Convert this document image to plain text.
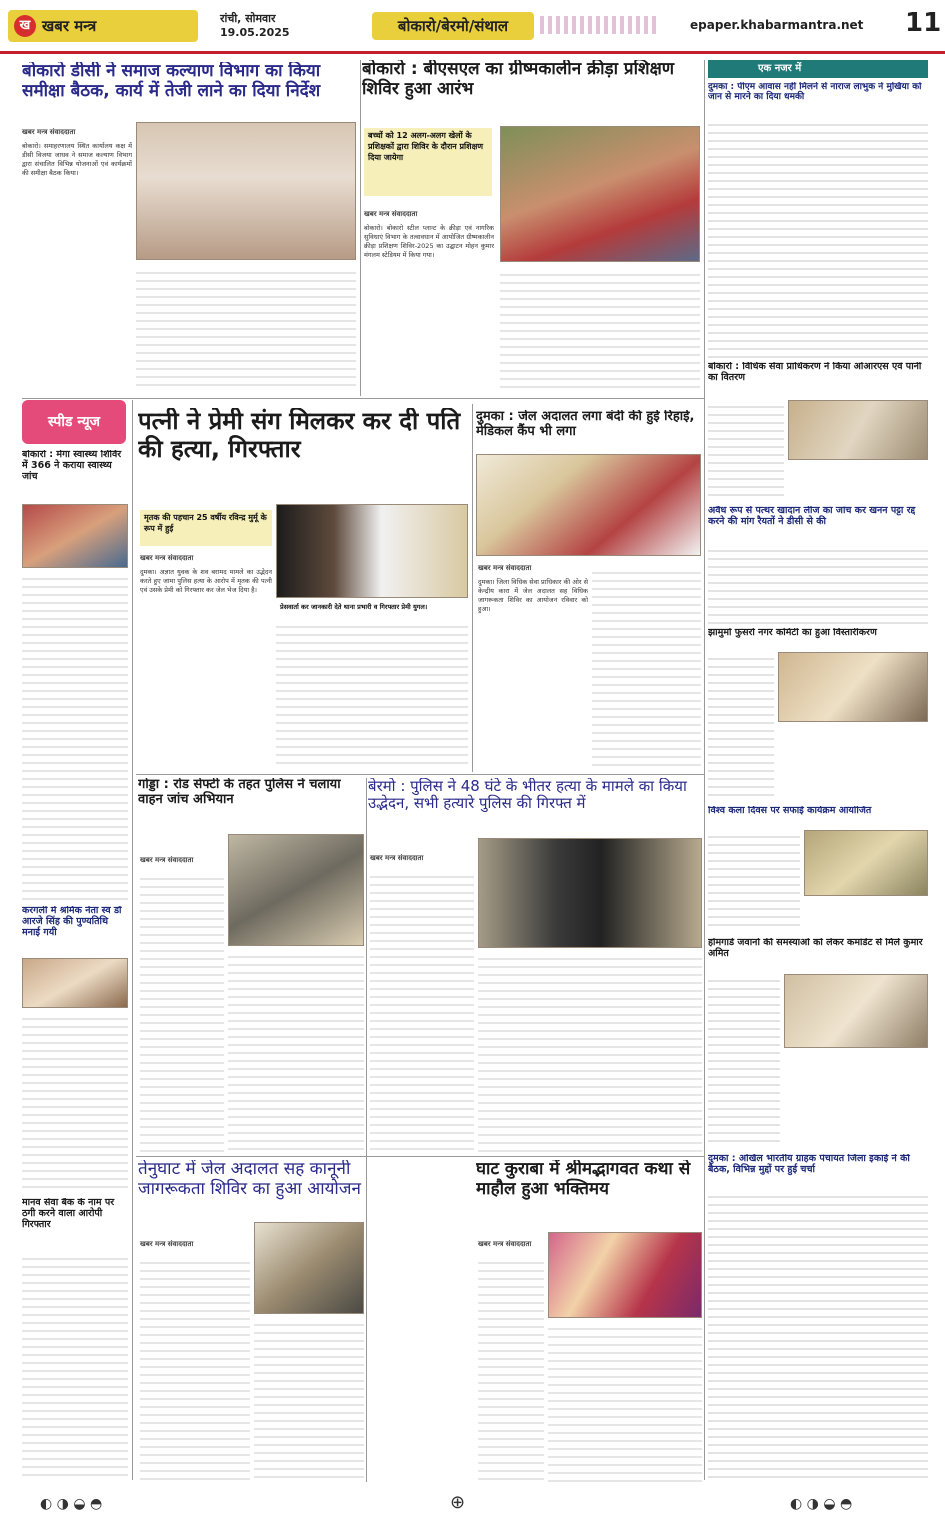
ख खबर मन्त्र	रांची, सोमवार
19.05.2025	बोकारो/बेरमो/संथाल	epaper.khabarmantra.net 11
बोकारो डीसी ने समाज कल्याण विभाग का किया समीक्षा बैठक, कार्य में तेजी लाने का दिया निर्देश
खबर मन्त्र संवाददाता
बोकारो। समाहरणालय स्थित कार्यालय कक्ष में डीसी विजया जाधव ने समाज कल्याण विभाग द्वारा संचालित विभिन्न योजनाओं एवं कार्यक्रमों की समीक्षा बैठक किया।
बोकारो : बीएसएल का ग्रीष्मकालीन क्रीड़ा प्रशिक्षण शिविर हुआ आरंभ
बच्चों को 12 अलग-अलग खेलों के प्रशिक्षकों द्वारा शिविर के दौरान प्रशिक्षण दिया जायेगा
खबर मन्त्र संवाददाता
बोकारो। बोकारो स्टील प्लान्ट के क्रीड़ा एवं नागरिक सुविधाएं विभाग के तत्वावधान में आयोजित ग्रीष्मकालीन क्रीड़ा प्रशिक्षण शिविर-2025 का उद्घाटन मोहन कुमार मंगलम स्टेडियम में किया गया।
एक नजर में
दुमका : पीएम आवास नहीं मिलने से नाराज लाभुक ने मुखिया को जान से मारने का दिया धमकी
बोकारो : विधिक सेवा प्राधिकरण ने किया ओआरएस एवं पानी का वितरण
अवैध रूप से पत्थर खादान लीज का जांच कर खनन पट्टा रद्द करने की मांग रैयतों ने डीसी से की
झामुमो फुसरो नगर कमिटी का हुआ विस्तारीकरण
विश्व कला दिवस पर सफाई कार्यक्रम आयोजित
होमगार्ड जवानों की समस्याओं को लेकर कमांडेंट से मिले कुमार अमित
दुमका : अखिल भारतीय ग्राहक पंचायत जिला इकाई ने की बैठक, विभिन्न मुद्दों पर हुई चर्चा
स्पीड न्यूज
बोकारो : मेगा स्वास्थ्य शिविर में 366 ने कराया स्वास्थ्य जांच
करगली में श्रमिक नेता स्व डॉ आरजे सिंह की पुण्यतिथि मनाई गयी
मानव सेवा बैंक के नाम पर ठगी करने वाला आरोपी गिरफ्तार
पत्नी ने प्रेमी संग मिलकर कर दी पति की हत्या, गिरफ्तार
मृतक की पहचान 25 वर्षीय रविन्द्र मुर्मू के रूप में हुई
प्रेसवार्ता कर जानकारी देते थाना प्रभारी व गिरफ्तार प्रेमी युगल।
खबर मन्त्र संवाददाता
दुमका। अज्ञात युवक के शव बरामद मामले का उद्भेदन करते हुए जामा पुलिस हत्या के आरोप में मृतक की पत्नी एवं उसके प्रेमी को गिरफ्तार कर जेल भेज दिया है।
दुमका : जेल अदालत लगा बंदी की हुई रिहाई, मेडिकल कैंप भी लगा
खबर मन्त्र संवाददाता
दुमका। जिला विधिक सेवा प्राधिकार की ओर से केन्द्रीय कारा में जेल अदालत सह विधिक जागरूकता शिविर का आयोजन रविवार को हुआ।
गोड्डा : रोड सेफ्टी के तहत पुलिस ने चलाया वाहन जांच अभियान
खबर मन्त्र संवाददाता
बेरमो : पुलिस ने 48 घंटे के भीतर हत्या के मामले का किया उद्भेदन, सभी हत्यारे पुलिस की गिरफ्त में
खबर मन्त्र संवाददाता
तेनुघाट में जेल अदालत सह कानूनी जागरूकता शिविर का हुआ आयोजन
खबर मन्त्र संवाददाता
घाट कुराबा में श्रीमद्भागवत कथा से माहौल हुआ भक्तिमय
खबर मन्त्र संवाददाता
◐ ◑ ◒ ◓	⊕	◐ ◑ ◒ ◓
